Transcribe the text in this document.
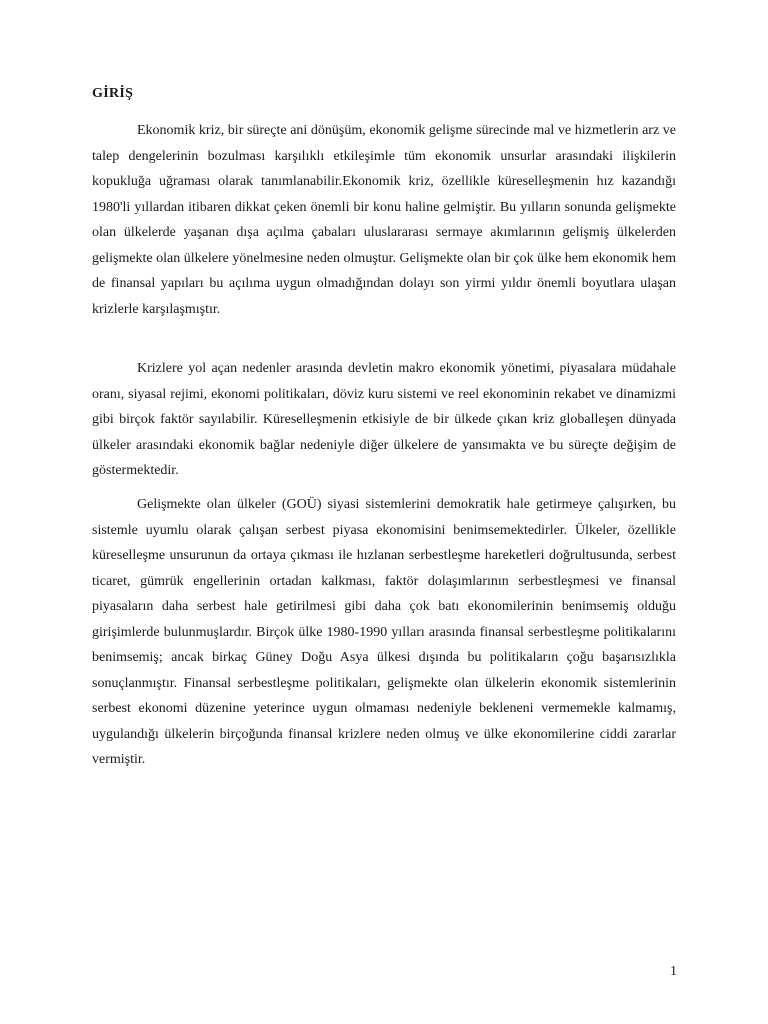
GİRİŞ

Ekonomik kriz, bir süreçte ani dönüşüm, ekonomik gelişme sürecinde mal ve hizmetlerin arz ve talep dengelerinin bozulması karşılıklı etkileşimle tüm ekonomik unsurlar arasındaki ilişkilerin kopukluğa uğraması olarak tanımlanabilir.Ekonomik kriz, özellikle küreselleşmenin hız kazandığı 1980'li yıllardan itibaren dikkat çeken önemli bir konu haline gelmiştir. Bu yılların sonunda gelişmekte olan ülkelerde yaşanan dışa açılma çabaları uluslararası sermaye akımlarının gelişmiş ülkelerden gelişmekte olan ülkelere yönelmesine neden olmuştur. Gelişmekte olan bir çok ülke hem ekonomik hem de finansal yapıları bu açılıma uygun olmadığından dolayı son yirmi yıldır önemli boyutlara ulaşan krizlerle karşılaşmıştır.

Krizlere yol açan nedenler arasında devletin makro ekonomik yönetimi, piyasalara müdahale oranı, siyasal rejimi, ekonomi politikaları, döviz kuru sistemi ve reel ekonominin rekabet ve dinamizmi gibi birçok faktör sayılabilir. Küreselleşmenin etkisiyle de bir ülkede çıkan kriz globalleşen dünyada ülkeler arasındaki ekonomik bağlar nedeniyle diğer ülkelere de yansımakta ve bu süreçte değişim de göstermektedir.

Gelişmekte olan ülkeler (GOÜ) siyasi sistemlerini demokratik hale getirmeye çalışırken, bu sistemle uyumlu olarak çalışan serbest piyasa ekonomisini benimsemektedirler. Ülkeler, özellikle küreselleşme unsurunun da ortaya çıkması ile hızlanan serbestleşme hareketleri doğrultusunda, serbest ticaret, gümrük engellerinin ortadan kalkması, faktör dolaşımlarının serbestleşmesi ve finansal piyasaların daha serbest hale getirilmesi gibi daha çok batı ekonomilerinin benimsemiş olduğu girişimlerde bulunmuşlardır. Birçok ülke 1980-1990 yılları arasında finansal serbestleşme politikalarını benimsemiş; ancak birkaç Güney Doğu Asya ülkesi dışında bu politikaların çoğu başarısızlıkla sonuçlanmıştır. Finansal serbestleşme politikaları, gelişmekte olan ülkelerin ekonomik sistemlerinin serbest ekonomi düzenine yeterince uygun olmaması nedeniyle bekleneni vermemekle kalmamış, uygulandığı ülkelerin birçoğunda finansal krizlere neden olmuş ve ülke ekonomilerine ciddi zararlar vermiştir.

1
